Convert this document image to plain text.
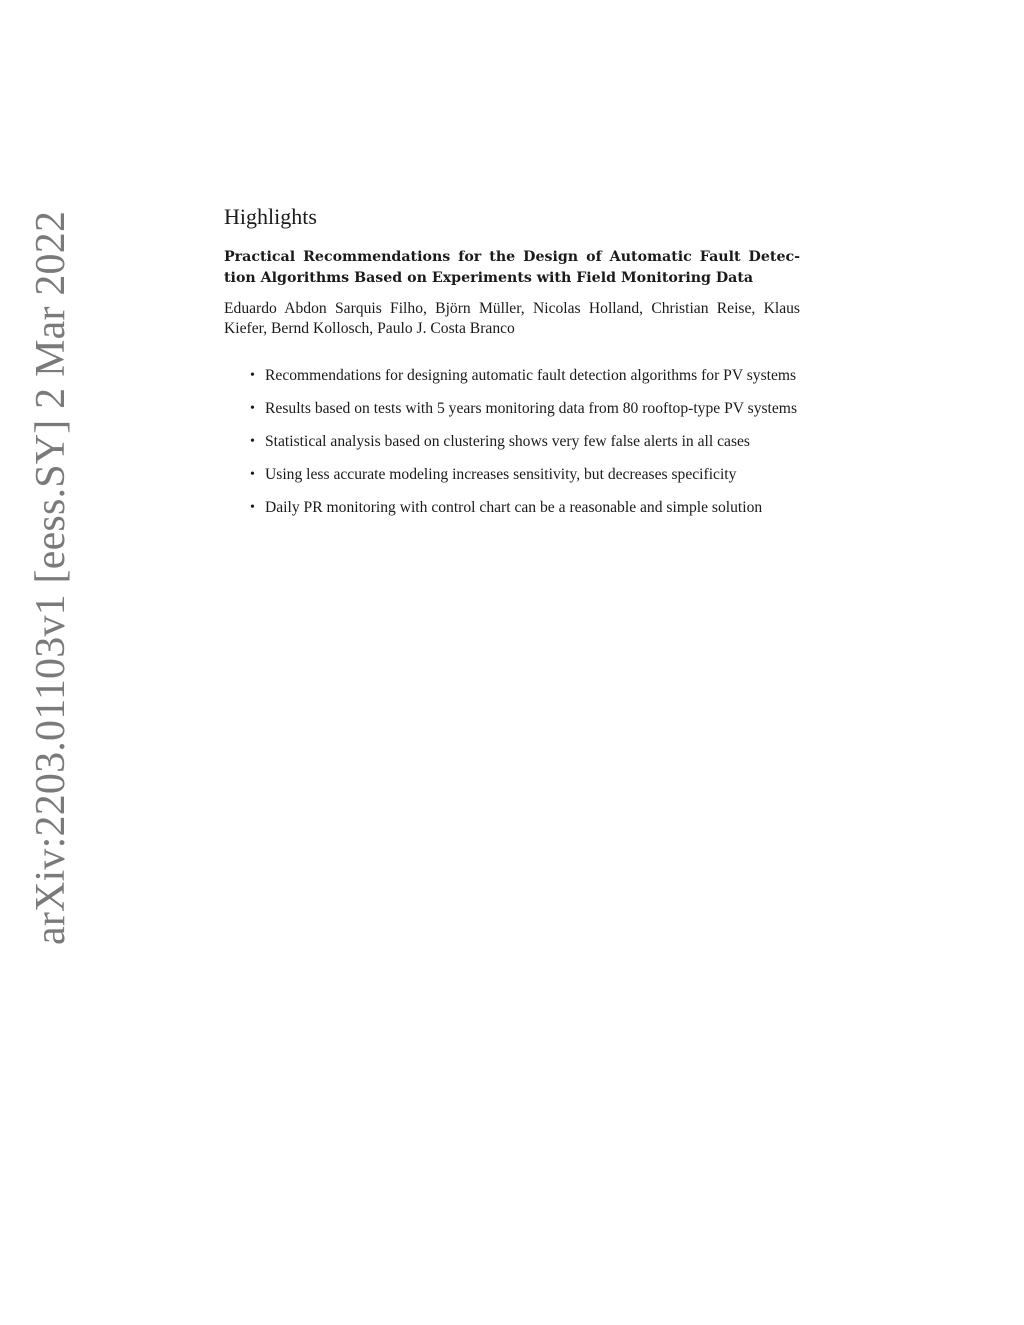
arXiv:2203.01103v1 [eess.SY] 2 Mar 2022	Highlights
Practical Recommendations for the Design of Automatic Fault Detection Algorithms Based on Experiments with Field Monitoring Data
Eduardo Abdon Sarquis Filho, Björn Müller, Nicolas Holland, Christian Reise, Klaus Kiefer, Bernd Kollosch, Paulo J. Costa Branco
• Recommendations for designing automatic fault detection algorithms for PV systems
• Results based on tests with 5 years monitoring data from 80 rooftop-type PV systems
• Statistical analysis based on clustering shows very few false alerts in all cases
• Using less accurate modeling increases sensitivity, but decreases specificity
• Daily PR monitoring with control chart can be a reasonable and simple solution
